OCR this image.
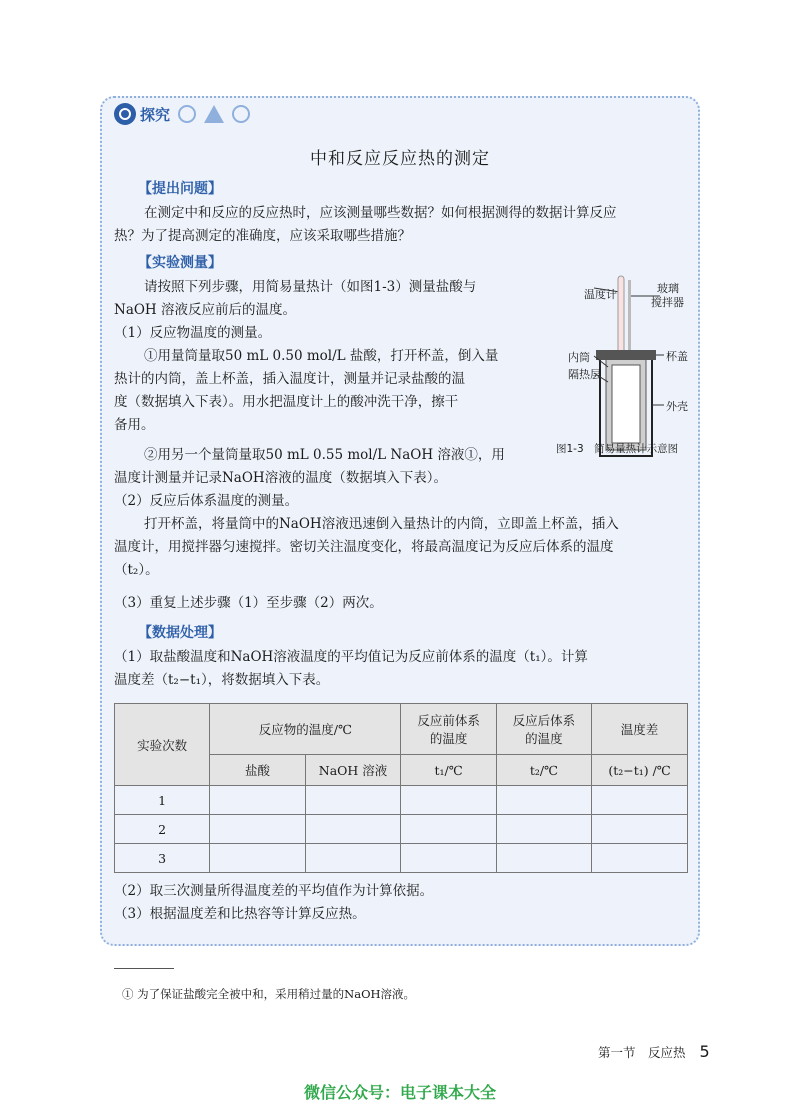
探究
中和反应反应热的测定
【提出问题】
在测定中和反应的反应热时，应该测量哪些数据？如何根据测得的数据计算反应
热？为了提高测定的准确度，应该采取哪些措施？
【实验测量】
请按照下列步骤，用简易量热计（如图1-3）测量盐酸与
NaOH 溶液反应前后的温度。
（1）反应物温度的测量。
①用量筒量取50 mL 0.50 mol/L 盐酸，打开杯盖，倒入量
热计的内筒，盖上杯盖，插入温度计，测量并记录盐酸的温
度（数据填入下表）。用水把温度计上的酸冲洗干净，擦干
备用。
②用另一个量筒量取50 mL 0.55 mol/L NaOH 溶液①，用
温度计测量并记录NaOH溶液的温度（数据填入下表）。
（2）反应后体系温度的测量。
打开杯盖，将量筒中的NaOH溶液迅速倒入量热计的内筒，立即盖上杯盖，插入
温度计，用搅拌器匀速搅拌。密切关注温度变化，将最高温度记为反应后体系的温度
（t₂）。
（3）重复上述步骤（1）至步骤（2）两次。
【数据处理】
（1）取盐酸温度和NaOH溶液温度的平均值记为反应前体系的温度（t₁）。计算
温度差（t₂−t₁），将数据填入下表。
温度计	玻璃
搅拌器
内筒
隔热层
杯盖
外壳
图1-3　简易量热计示意图
实验次数	反应物的温度/℃		反应前体系
的温度	反应后体系
的温度	温度差
	盐酸	NaOH 溶液	t₁/℃	t₂/℃	(t₂−t₁) /℃
1					
2					
3					
（2）取三次测量所得温度差的平均值作为计算依据。
（3）根据温度差和比热容等计算反应热。
① 为了保证盐酸完全被中和，采用稍过量的NaOH溶液。
第一节　反应热 5
微信公众号：电子课本大全
